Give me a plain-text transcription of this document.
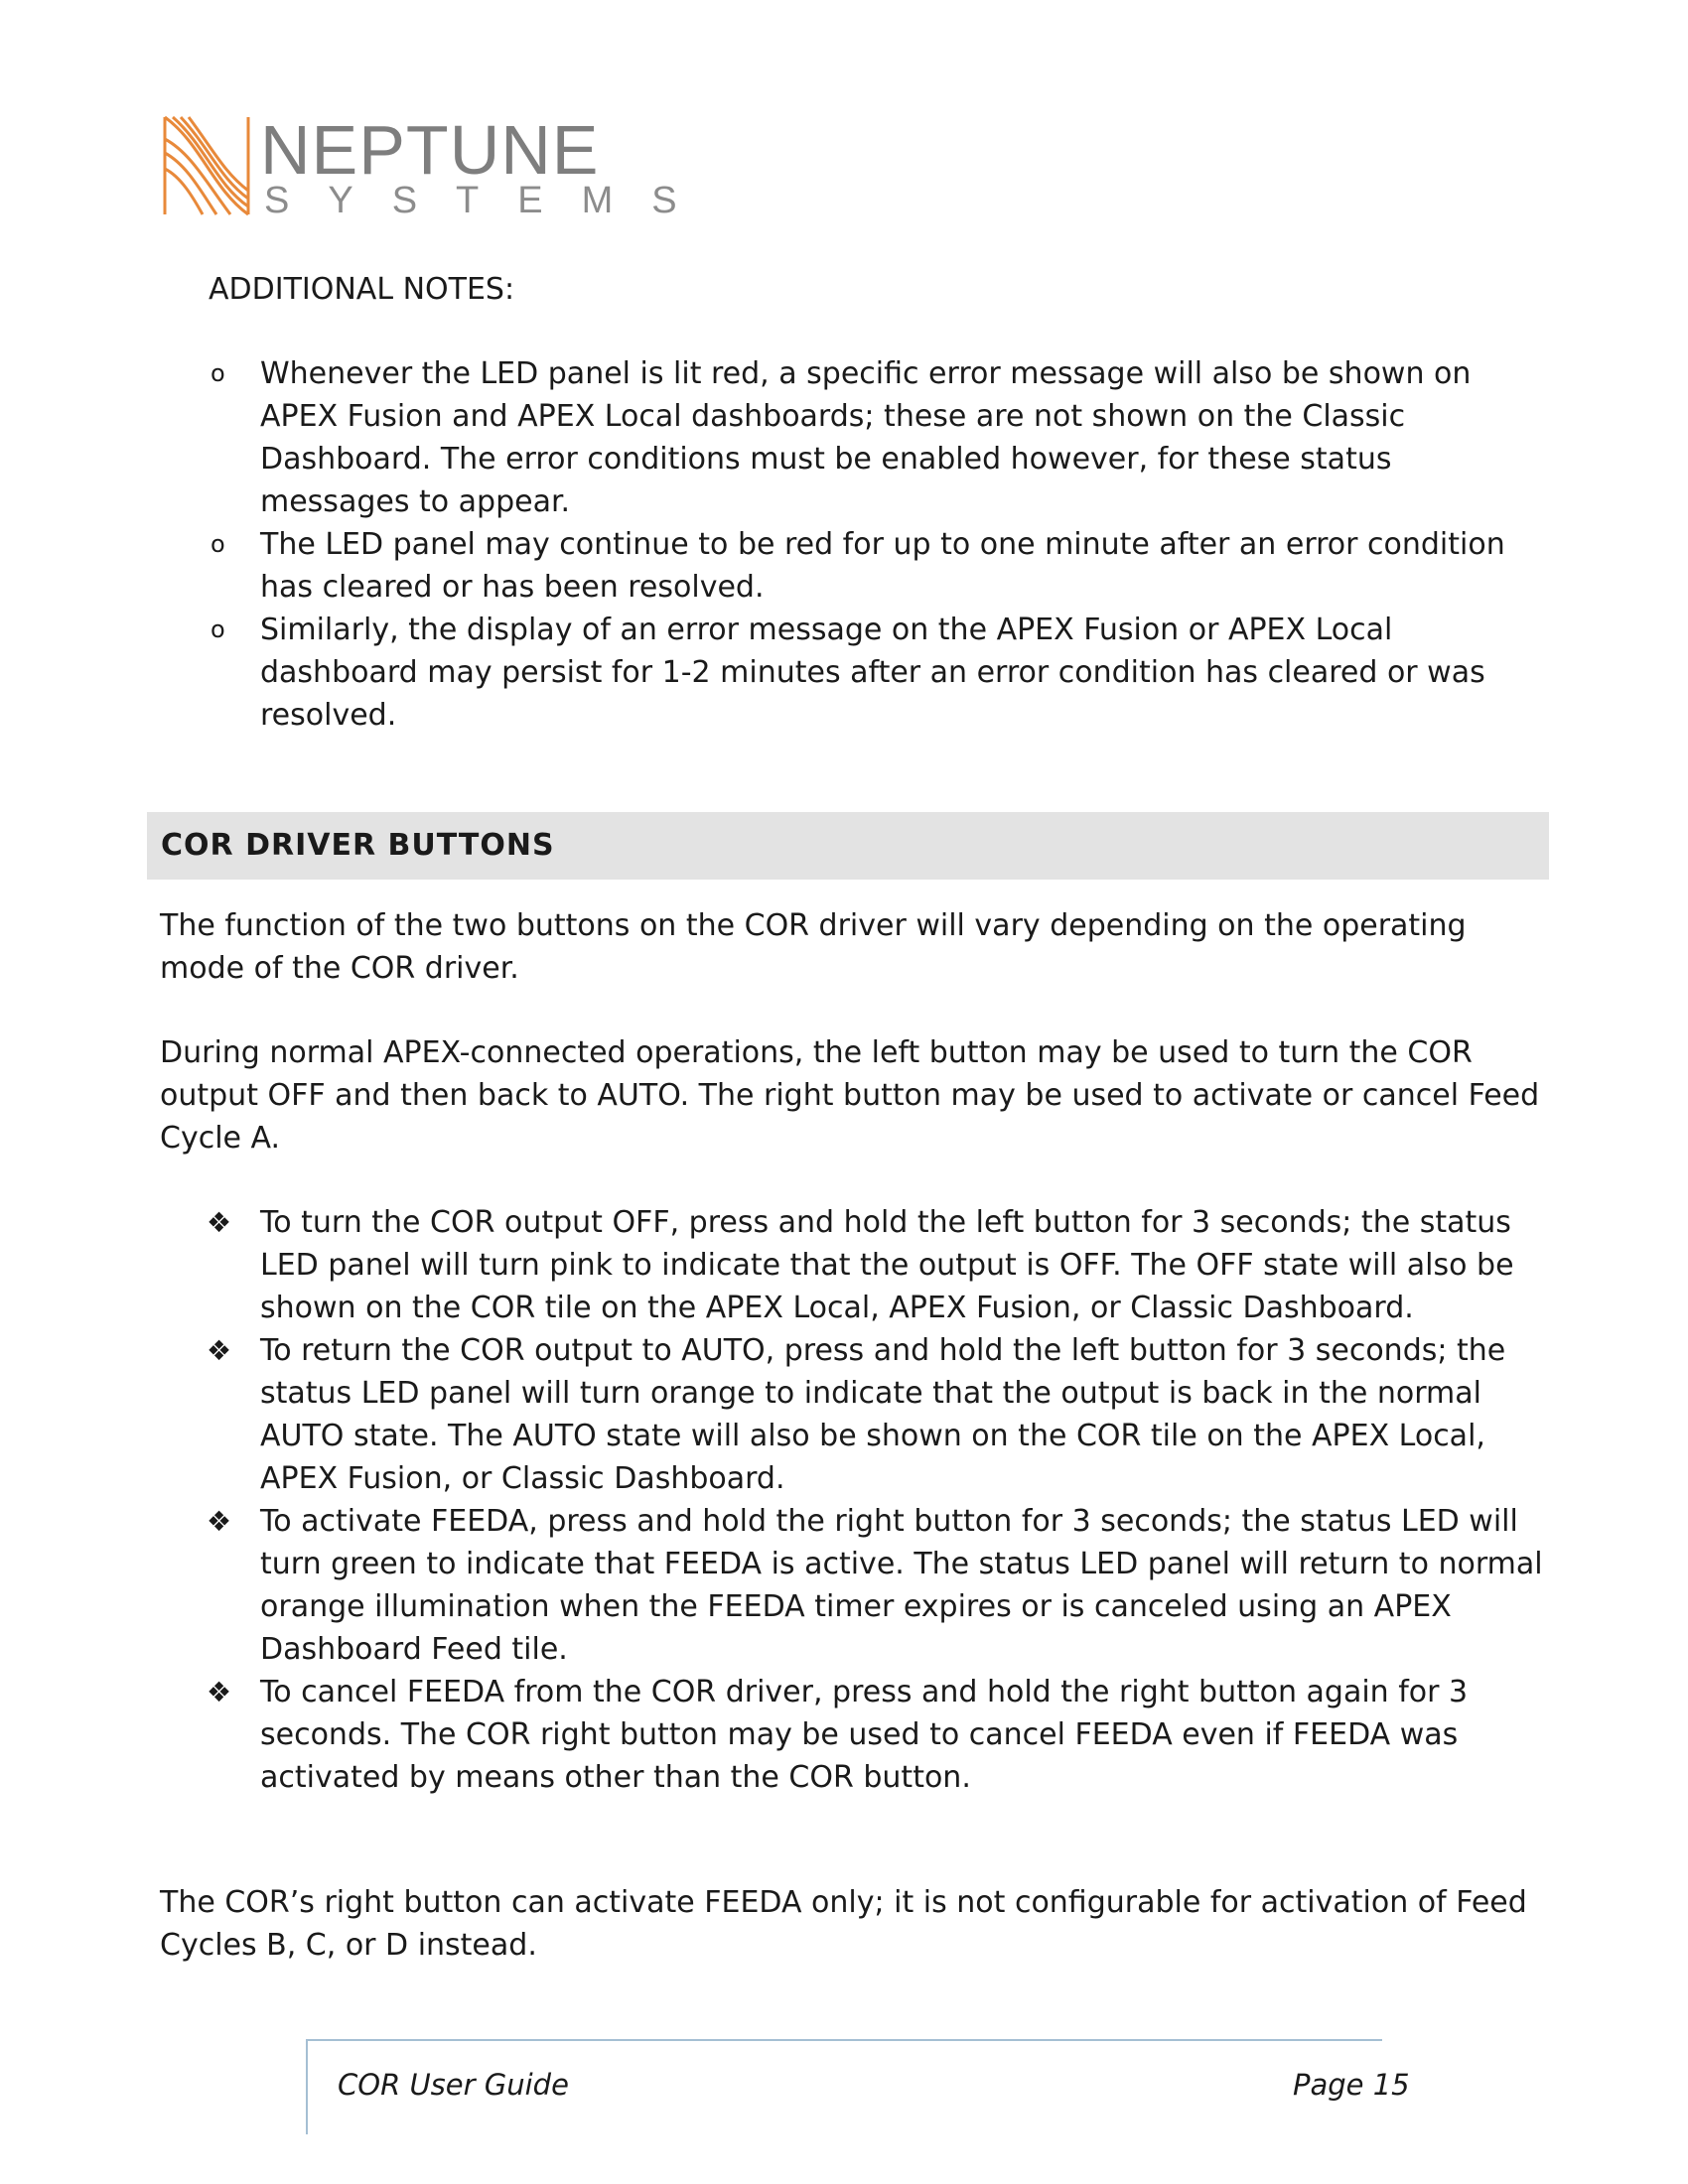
NEPTUNE
SYSTEMS
ADDITIONAL NOTES:
o Whenever the LED panel is lit red, a specific error message will also be shown on APEX Fusion and APEX Local dashboards; these are not shown on the Classic Dashboard. The error conditions must be enabled however, for these status messages to appear.
o The LED panel may continue to be red for up to one minute after an error condition has cleared or has been resolved.
o Similarly, the display of an error message on the APEX Fusion or APEX Local dashboard may persist for 1-2 minutes after an error condition has cleared or was resolved.
COR DRIVER BUTTONS

The function of the two buttons on the COR driver will vary depending on the operating mode of the COR driver.

During normal APEX-connected operations, the left button may be used to turn the COR output OFF and then back to AUTO. The right button may be used to activate or cancel Feed Cycle A.

❖ To turn the COR output OFF, press and hold the left button for 3 seconds; the status LED panel will turn pink to indicate that the output is OFF. The OFF state will also be shown on the COR tile on the APEX Local, APEX Fusion, or Classic Dashboard.
❖ To return the COR output to AUTO, press and hold the left button for 3 seconds; the status LED panel will turn orange to indicate that the output is back in the normal AUTO state. The AUTO state will also be shown on the COR tile on the APEX Local, APEX Fusion, or Classic Dashboard.
❖ To activate FEEDA, press and hold the right button for 3 seconds; the status LED will turn green to indicate that FEEDA is active. The status LED panel will return to normal orange illumination when the FEEDA timer expires or is canceled using an APEX Dashboard Feed tile.
❖ To cancel FEEDA from the COR driver, press and hold the right button again for 3 seconds. The COR right button may be used to cancel FEEDA even if FEEDA was activated by means other than the COR button.

The COR’s right button can activate FEEDA only; it is not configurable for activation of Feed Cycles B, C, or D instead.

COR User Guide	Page 15
